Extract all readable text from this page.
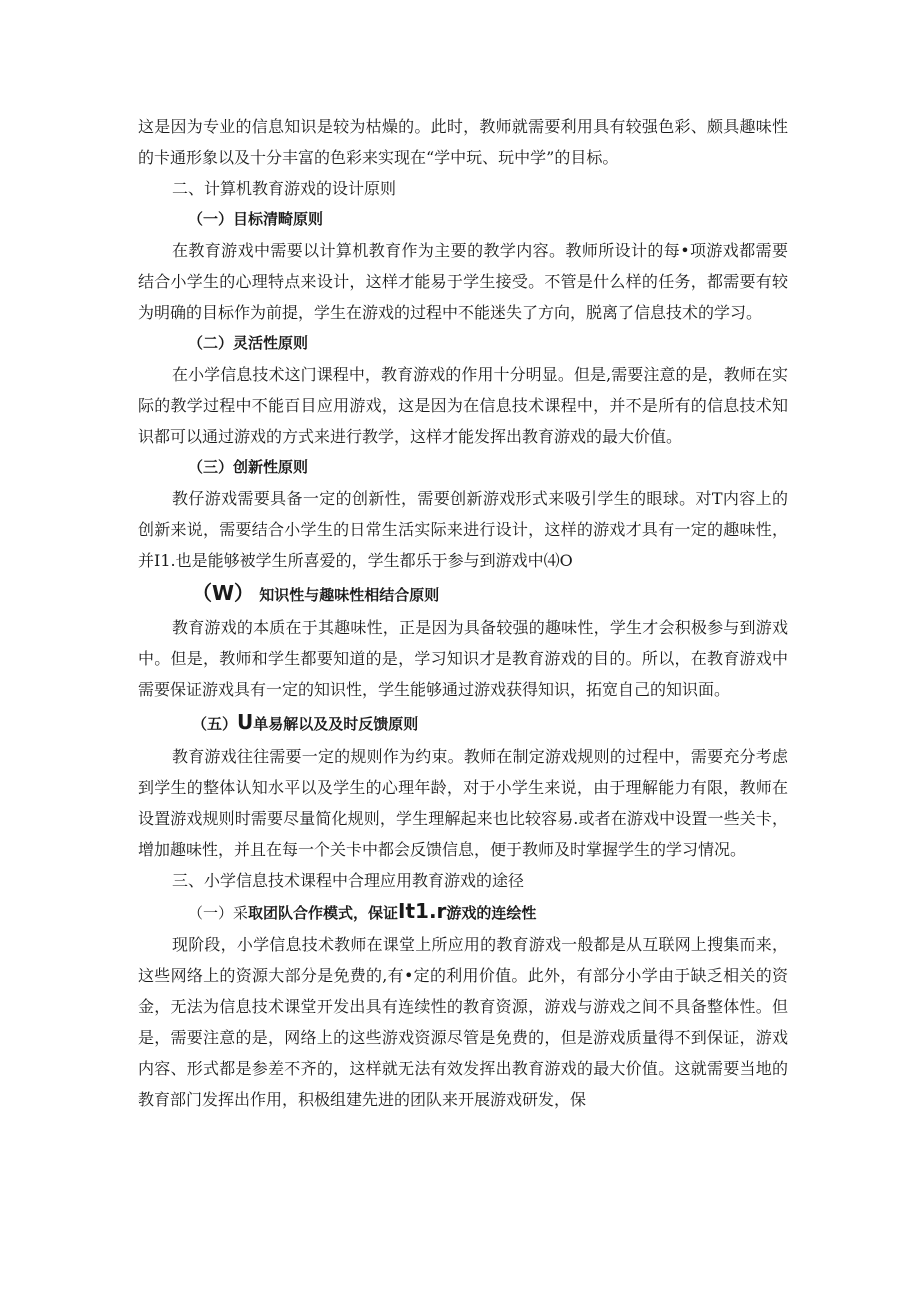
这是因为专业的信息知识是较为枯燥的。此时，教师就需要利用具有较强色彩、颇具趣味性的卡通形象以及十分丰富的色彩来实现在“学中玩、玩中学”的目标。

二、计算机教育游戏的设计原则

（一）目标清畸原则

在教育游戏中需要以计算机教育作为主要的教学内容。教师所设计的每•项游戏都需要结合小学生的心理特点来设计，这样才能易于学生接受。不管是什么样的任务，都需要有较为明确的目标作为前提，学生在游戏的过程中不能迷失了方向，脱离了信息技术的学习。

（二）灵活性原则

在小学信息技术这门课程中，教育游戏的作用十分明显。但是,需要注意的是，教师在实际的教学过程中不能百目应用游戏，这是因为在信息技术课程中，并不是所有的信息技术知识都可以通过游戏的方式来进行教学，这样才能发挥出教育游戏的最大价值。

（三）创新性原则

教仔游戏需要具备一定的创新性，需要创新游戏形式来吸引学生的眼球。对T内容上的创新来说，需要结合小学生的日常生活实际来进行设计，这样的游戏才具有一定的趣味性，并I1.也是能够被学生所喜爱的，学生都乐于参与到游戏中⑷O

（W） 知识性与趣味性相结合原则

教育游戏的本质在于其趣味性，正是因为具备较强的趣味性，学生才会积极参与到游戏中。但是，教师和学生都要知道的是，学习知识才是教育游戏的目的。所以，在教育游戏中需要保证游戏具有一定的知识性，学生能够通过游戏获得知识，拓宽自己的知识面。

（五）U单易解以及及时反馈原则

教育游戏往往需要一定的规则作为约束。教师在制定游戏规则的过程中，需要充分考虑到学生的整体认知水平以及学生的心理年龄，对于小学生来说，由于理解能力有限，教师在设置游戏规则时需要尽量简化规则，学生理解起来也比较容易.或者在游戏中设置一些关卡，增加趣味性，并且在每一个关卡中都会反馈信息，便于教师及时掌握学生的学习情况。

三、小学信息技术课程中合理应用教育游戏的途径

（一）采取团队合作模式，保证It1.r游戏的连绘性

现阶段，小学信息技术教师在课堂上所应用的教育游戏一般都是从互联网上搜集而来，这些网络上的资源大部分是免费的,有•定的利用价值。此外，有部分小学由于缺乏相关的资金，无法为信息技术课堂开发出具有连续性的教育资源，游戏与游戏之间不具备整体性。但是，需要注意的是，网络上的这些游戏资源尽管是免费的，但是游戏质量得不到保证，游戏内容、形式都是参差不齐的，这样就无法有效发挥出教育游戏的最大价值。这就需要当地的教育部门发挥出作用，积极组建先进的团队来开展游戏研发，保
